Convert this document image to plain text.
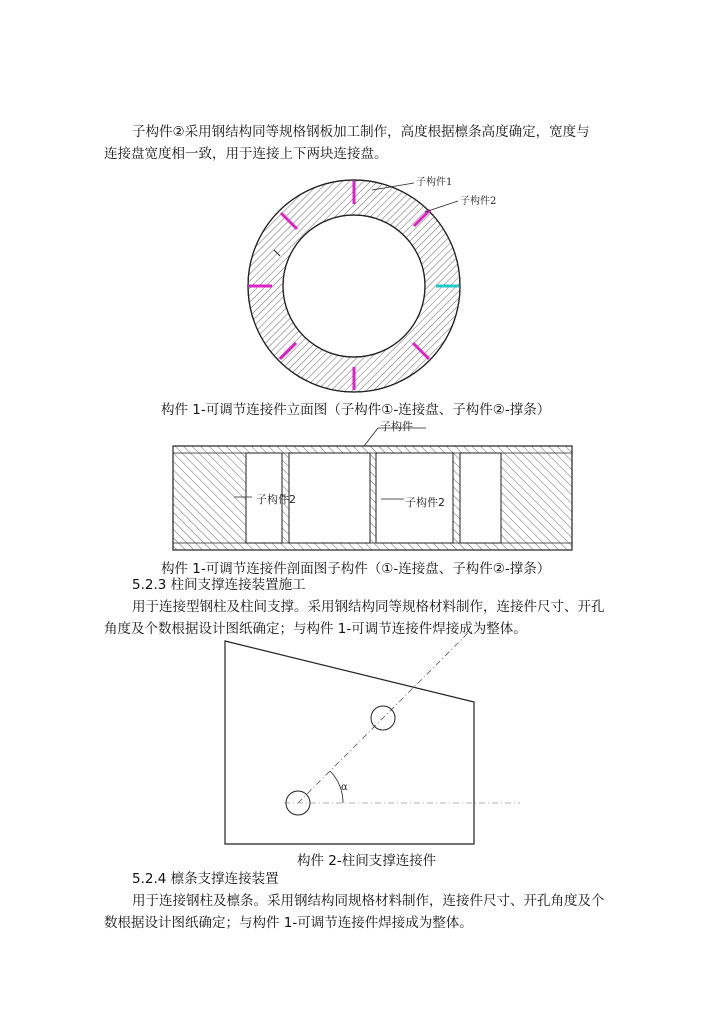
子构件②采用钢结构同等规格钢板加工制作，高度根据檩条高度确定，宽度与
连接盘宽度相一致，用于连接上下两块连接盘。
子构件1
子构件2
构件 1-可调节连接件立面图（子构件①-连接盘、子构件②-撑条）
子构件
子构件2	子构件2
构件 1-可调节连接件剖面图子构件（①-连接盘、子构件②-撑条）
5.2.3 柱间支撑连接装置施工
用于连接型钢柱及柱间支撑。采用钢结构同等规格材料制作，连接件尺寸、开孔
角度及个数根据设计图纸确定；与构件 1-可调节连接件焊接成为整体。
α
构件 2-柱间支撑连接件
5.2.4 檩条支撑连接装置
用于连接钢柱及檩条。采用钢结构同规格材料制作，连接件尺寸、开孔角度及个
数根据设计图纸确定；与构件 1-可调节连接件焊接成为整体。
